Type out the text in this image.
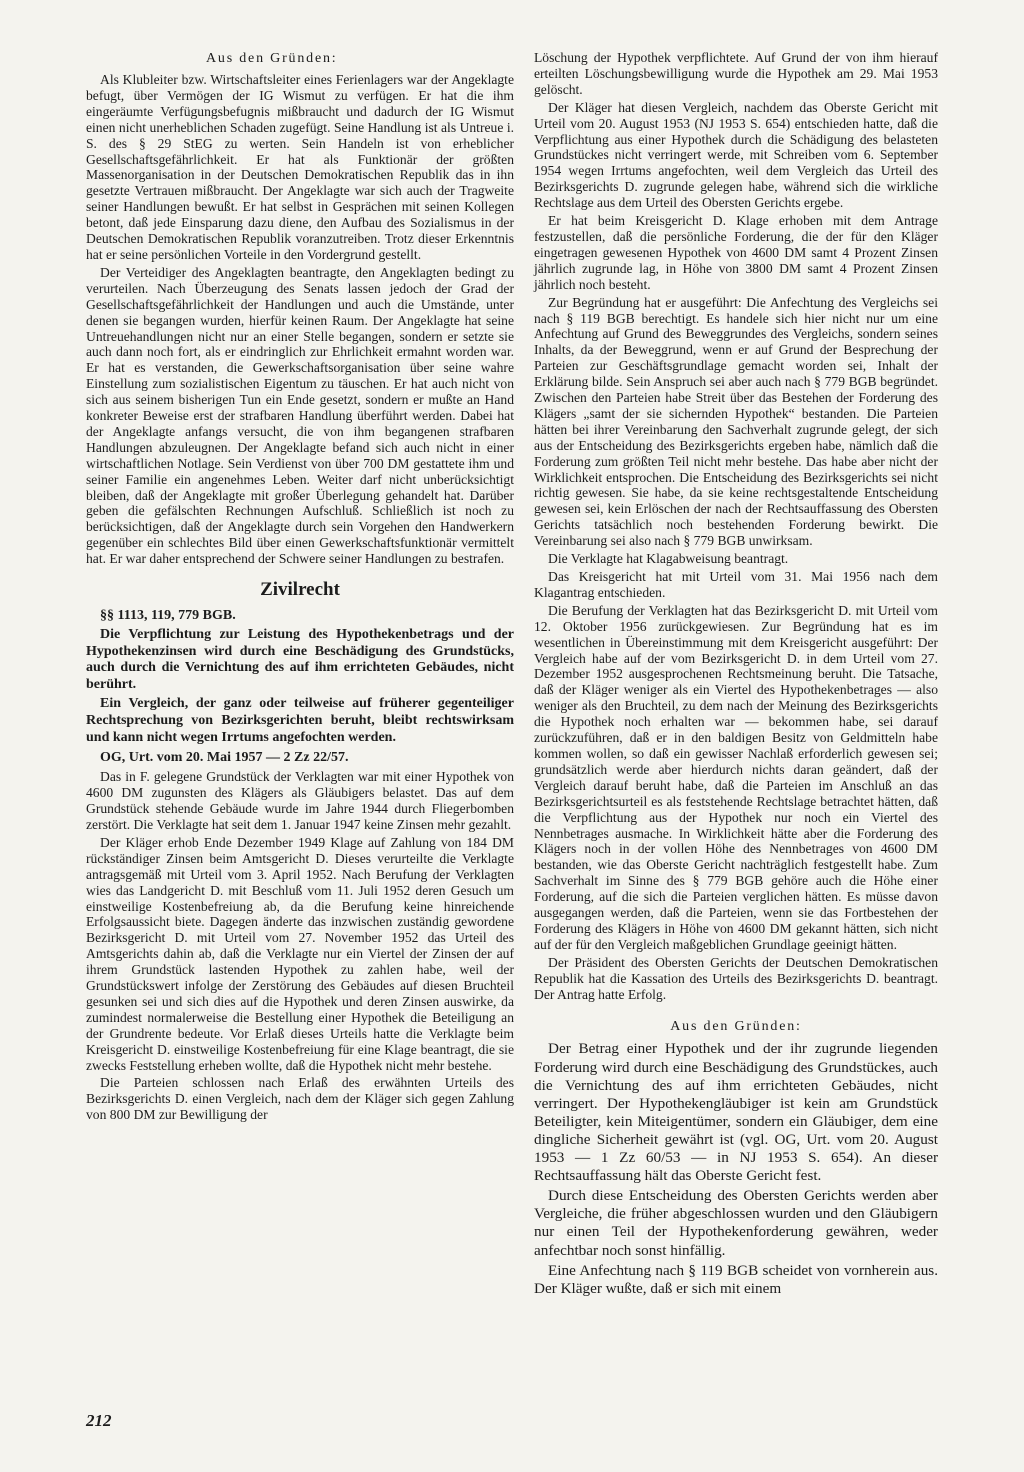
Aus den Gründen:

Als Klubleiter bzw. Wirtschaftsleiter eines Ferienlagers war der Angeklagte befugt, über Vermögen der IG Wismut zu verfügen. Er hat die ihm eingeräumte Verfügungsbefugnis mißbraucht und dadurch der IG Wismut einen nicht unerheblichen Schaden zugefügt. Seine Handlung ist als Untreue i. S. des § 29 StEG zu werten. Sein Handeln ist von erheblicher Gesellschaftsgefährlichkeit. Er hat als Funktionär der größten Massenorganisation in der Deutschen Demokratischen Republik das in ihn gesetzte Vertrauen mißbraucht. Der Angeklagte war sich auch der Tragweite seiner Handlungen bewußt. Er hat selbst in Gesprächen mit seinen Kollegen betont, daß jede Einsparung dazu diene, den Aufbau des Sozialismus in der Deutschen Demokratischen Republik voranzutreiben. Trotz dieser Erkenntnis hat er seine persönlichen Vorteile in den Vordergrund gestellt.

Der Verteidiger des Angeklagten beantragte, den Angeklagten bedingt zu verurteilen. Nach Überzeugung des Senats lassen jedoch der Grad der Gesellschaftsgefährlichkeit der Handlungen und auch die Umstände, unter denen sie begangen wurden, hierfür keinen Raum. Der Angeklagte hat seine Untreuehandlungen nicht nur an einer Stelle begangen, sondern er setzte sie auch dann noch fort, als er eindringlich zur Ehrlichkeit ermahnt worden war. Er hat es verstanden, die Gewerkschaftsorganisation über seine wahre Einstellung zum sozialistischen Eigentum zu täuschen. Er hat auch nicht von sich aus seinem bisherigen Tun ein Ende gesetzt, sondern er mußte an Hand konkreter Beweise erst der strafbaren Handlung überführt werden. Dabei hat der Angeklagte anfangs versucht, die von ihm begangenen strafbaren Handlungen abzuleugnen. Der Angeklagte befand sich auch nicht in einer wirtschaftlichen Notlage. Sein Verdienst von über 700 DM gestattete ihm und seiner Familie ein angenehmes Leben. Weiter darf nicht unberücksichtigt bleiben, daß der Angeklagte mit großer Überlegung gehandelt hat. Darüber geben die gefälschten Rechnungen Aufschluß. Schließlich ist noch zu berücksichtigen, daß der Angeklagte durch sein Vorgehen den Handwerkern gegenüber ein schlechtes Bild über einen Gewerkschaftsfunktionär vermittelt hat. Er war daher entsprechend der Schwere seiner Handlungen zu bestrafen.

Zivilrecht
§§ 1113, 119, 779 BGB.

Die Verpflichtung zur Leistung des Hypothekenbetrags und der Hypothekenzinsen wird durch eine Beschädigung des Grundstücks, auch durch die Vernichtung des auf ihm errichteten Gebäudes, nicht berührt.

Ein Vergleich, der ganz oder teilweise auf früherer gegenteiliger Rechtsprechung von Bezirksgerichten beruht, bleibt rechtswirksam und kann nicht wegen Irrtums angefochten werden.

OG, Urt. vom 20. Mai 1957 — 2 Zz 22/57.

Das in F. gelegene Grundstück der Verklagten war mit einer Hypothek von 4600 DM zugunsten des Klägers als Gläubigers belastet. Das auf dem Grundstück stehende Gebäude wurde im Jahre 1944 durch Fliegerbomben zerstört. Die Verklagte hat seit dem 1. Januar 1947 keine Zinsen mehr gezahlt.

Der Kläger erhob Ende Dezember 1949 Klage auf Zahlung von 184 DM rückständiger Zinsen beim Amtsgericht D. Dieses verurteilte die Verklagte antragsgemäß mit Urteil vom 3. April 1952. Nach Berufung der Verklagten wies das Landgericht D. mit Beschluß vom 11. Juli 1952 deren Gesuch um einstweilige Kostenbefreiung ab, da die Berufung keine hinreichende Erfolgsaussicht biete. Dagegen änderte das inzwischen zuständig gewordene Bezirksgericht D. mit Urteil vom 27. November 1952 das Urteil des Amtsgerichts dahin ab, daß die Verklagte nur ein Viertel der Zinsen der auf ihrem Grundstück lastenden Hypothek zu zahlen habe, weil der Grundstückswert infolge der Zerstörung des Gebäudes auf diesen Bruchteil gesunken sei und sich dies auf die Hypothek und deren Zinsen auswirke, da zumindest normalerweise die Bestellung einer Hypothek die Beteiligung an der Grundrente bedeute. Vor Erlaß dieses Urteils hatte die Verklagte beim Kreisgericht D. einstweilige Kostenbefreiung für eine Klage beantragt, die sie zwecks Feststellung erheben wollte, daß die Hypothek nicht mehr bestehe.

Die Parteien schlossen nach Erlaß des erwähnten Urteils des Bezirksgerichts D. einen Vergleich, nach dem der Kläger sich gegen Zahlung von 800 DM zur Bewilligung der

Löschung der Hypothek verpflichtete. Auf Grund der von ihm hierauf erteilten Löschungsbewilligung wurde die Hypothek am 29. Mai 1953 gelöscht.

Der Kläger hat diesen Vergleich, nachdem das Oberste Gericht mit Urteil vom 20. August 1953 (NJ 1953 S. 654) entschieden hatte, daß die Verpflichtung aus einer Hypothek durch die Schädigung des belasteten Grundstückes nicht verringert werde, mit Schreiben vom 6. September 1954 wegen Irrtums angefochten, weil dem Vergleich das Urteil des Bezirksgerichts D. zugrunde gelegen habe, während sich die wirkliche Rechtslage aus dem Urteil des Obersten Gerichts ergebe.

Er hat beim Kreisgericht D. Klage erhoben mit dem Antrage festzustellen, daß die persönliche Forderung, die der für den Kläger eingetragen gewesenen Hypothek von 4600 DM samt 4 Prozent Zinsen jährlich zugrunde lag, in Höhe von 3800 DM samt 4 Prozent Zinsen jährlich noch besteht.

Zur Begründung hat er ausgeführt: Die Anfechtung des Vergleichs sei nach § 119 BGB berechtigt. Es handele sich hier nicht nur um eine Anfechtung auf Grund des Beweggrundes des Vergleichs, sondern seines Inhalts, da der Beweggrund, wenn er auf Grund der Besprechung der Parteien zur Geschäftsgrundlage gemacht worden sei, Inhalt der Erklärung bilde. Sein Anspruch sei aber auch nach § 779 BGB begründet. Zwischen den Parteien habe Streit über das Bestehen der Forderung des Klägers „samt der sie sichernden Hypothek“ bestanden. Die Parteien hätten bei ihrer Vereinbarung den Sachverhalt zugrunde gelegt, der sich aus der Entscheidung des Bezirksgerichts ergeben habe, nämlich daß die Forderung zum größten Teil nicht mehr bestehe. Das habe aber nicht der Wirklichkeit entsprochen. Die Entscheidung des Bezirksgerichts sei nicht richtig gewesen. Sie habe, da sie keine rechtsgestaltende Entscheidung gewesen sei, kein Erlöschen der nach der Rechtsauffassung des Obersten Gerichts tatsächlich noch bestehenden Forderung bewirkt. Die Vereinbarung sei also nach § 779 BGB unwirksam.

Die Verklagte hat Klagabweisung beantragt.

Das Kreisgericht hat mit Urteil vom 31. Mai 1956 nach dem Klagantrag entschieden.

Die Berufung der Verklagten hat das Bezirksgericht D. mit Urteil vom 12. Oktober 1956 zurückgewiesen. Zur Begründung hat es im wesentlichen in Übereinstimmung mit dem Kreisgericht ausgeführt: Der Vergleich habe auf der vom Bezirksgericht D. in dem Urteil vom 27. Dezember 1952 ausgesprochenen Rechtsmeinung beruht. Die Tatsache, daß der Kläger weniger als ein Viertel des Hypothekenbetrages — also weniger als den Bruchteil, zu dem nach der Meinung des Bezirksgerichts die Hypothek noch erhalten war — bekommen habe, sei darauf zurückzuführen, daß er in den baldigen Besitz von Geldmitteln habe kommen wollen, so daß ein gewisser Nachlaß erforderlich gewesen sei; grundsätzlich werde aber hierdurch nichts daran geändert, daß der Vergleich darauf beruht habe, daß die Parteien im Anschluß an das Bezirksgerichtsurteil es als feststehende Rechtslage betrachtet hätten, daß die Verpflichtung aus der Hypothek nur noch ein Viertel des Nennbetrages ausmache. In Wirklichkeit hätte aber die Forderung des Klägers noch in der vollen Höhe des Nennbetrages von 4600 DM bestanden, wie das Oberste Gericht nachträglich festgestellt habe. Zum Sachverhalt im Sinne des § 779 BGB gehöre auch die Höhe einer Forderung, auf die sich die Parteien verglichen hätten. Es müsse davon ausgegangen werden, daß die Parteien, wenn sie das Fortbestehen der Forderung des Klägers in Höhe von 4600 DM gekannt hätten, sich nicht auf der für den Vergleich maßgeblichen Grundlage geeinigt hätten.

Der Präsident des Obersten Gerichts der Deutschen Demokratischen Republik hat die Kassation des Urteils des Bezirksgerichts D. beantragt. Der Antrag hatte Erfolg.

Aus den Gründen:

Der Betrag einer Hypothek und der ihr zugrunde liegenden Forderung wird durch eine Beschädigung des Grundstückes, auch die Vernichtung des auf ihm errichteten Gebäudes, nicht verringert. Der Hypothekengläubiger ist kein am Grundstück Beteiligter, kein Miteigentümer, sondern ein Gläubiger, dem eine dingliche Sicherheit gewährt ist (vgl. OG, Urt. vom 20. August 1953 — 1 Zz 60/53 — in NJ 1953 S. 654). An dieser Rechtsauffassung hält das Oberste Gericht fest.

Durch diese Entscheidung des Obersten Gerichts werden aber Vergleiche, die früher abgeschlossen wurden und den Gläubigern nur einen Teil der Hypothekenforderung gewähren, weder anfechtbar noch sonst hinfällig.

Eine Anfechtung nach § 119 BGB scheidet von vornherein aus. Der Kläger wußte, daß er sich mit einem

212
